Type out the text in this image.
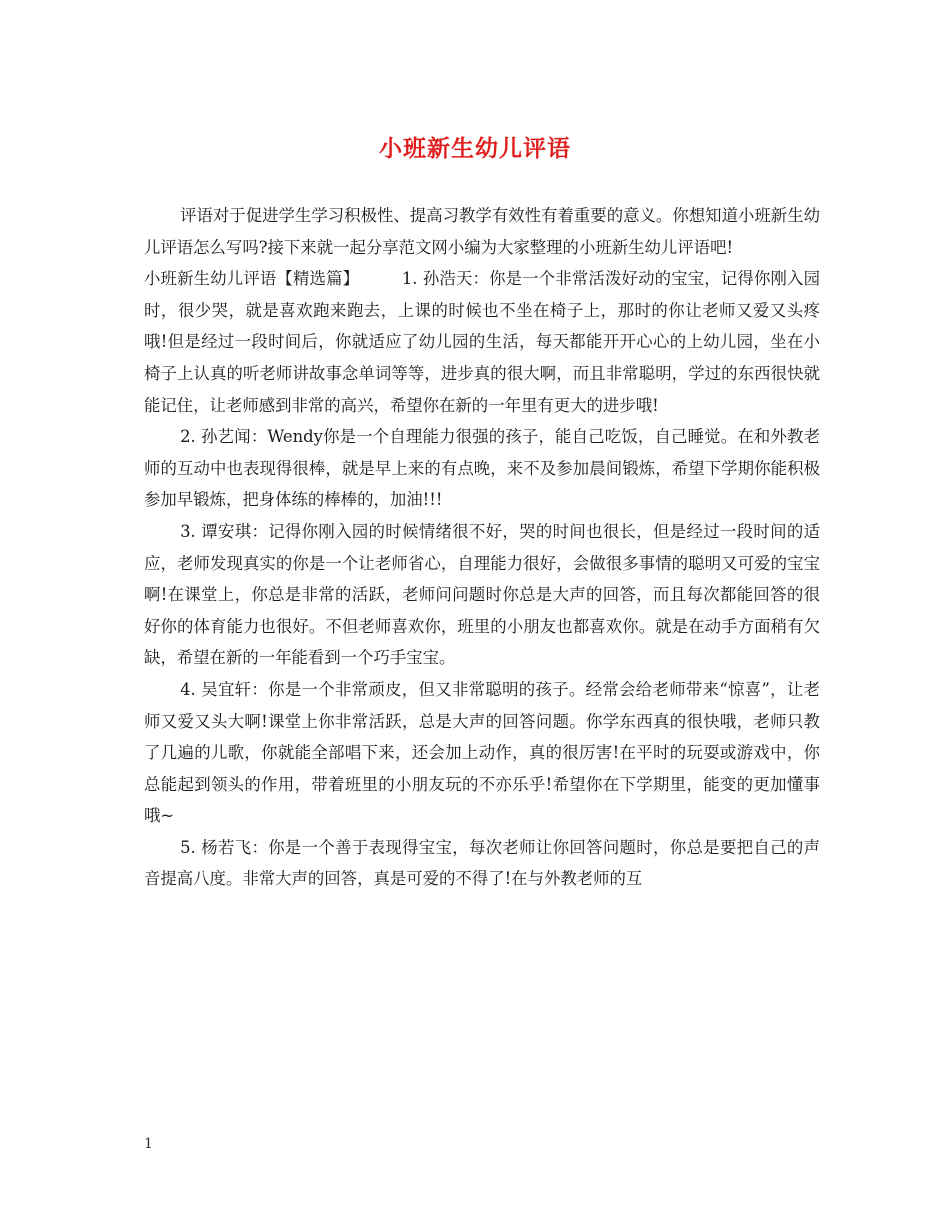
小班新生幼儿评语

评语对于促进学生学习积极性、提高习教学有效性有着重要的意义。你想知道小班新生幼儿评语怎么写吗?接下来就一起分享范文网小编为大家整理的小班新生幼儿评语吧!

小班新生幼儿评语【精选篇】	1. 孙浩天：你是一个非常活泼好动的宝宝，记得你刚入园时，很少哭，就是喜欢跑来跑去，上课的时候也不坐在椅子上，那时的你让老师又爱又头疼哦!但是经过一段时间后，你就适应了幼儿园的生活，每天都能开开心心的上幼儿园，坐在小椅子上认真的听老师讲故事念单词等等，进步真的很大啊，而且非常聪明，学过的东西很快就能记住，让老师感到非常的高兴，希望你在新的一年里有更大的进步哦!

2. 孙艺闻：Wendy你是一个自理能力很强的孩子，能自己吃饭，自己睡觉。在和外教老师的互动中也表现得很棒，就是早上来的有点晚，来不及参加晨间锻炼，希望下学期你能积极参加早锻炼，把身体练的棒棒的，加油!!!

3. 谭安琪：记得你刚入园的时候情绪很不好，哭的时间也很长，但是经过一段时间的适应，老师发现真实的你是一个让老师省心，自理能力很好，会做很多事情的聪明又可爱的宝宝啊!在课堂上，你总是非常的活跃，老师问问题时你总是大声的回答，而且每次都能回答的很好你的体育能力也很好。不但老师喜欢你，班里的小朋友也都喜欢你。就是在动手方面稍有欠缺，希望在新的一年能看到一个巧手宝宝。

4. 吴宜轩：你是一个非常顽皮，但又非常聪明的孩子。经常会给老师带来“惊喜”，让老师又爱又头大啊!课堂上你非常活跃，总是大声的回答问题。你学东西真的很快哦，老师只教了几遍的儿歌，你就能全部唱下来，还会加上动作，真的很厉害!在平时的玩耍或游戏中，你总能起到领头的作用，带着班里的小朋友玩的不亦乐乎!希望你在下学期里，能变的更加懂事哦~

5. 杨若飞：你是一个善于表现得宝宝，每次老师让你回答问题时，你总是要把自己的声音提高八度。非常大声的回答，真是可爱的不得了!在与外教老师的互

1
